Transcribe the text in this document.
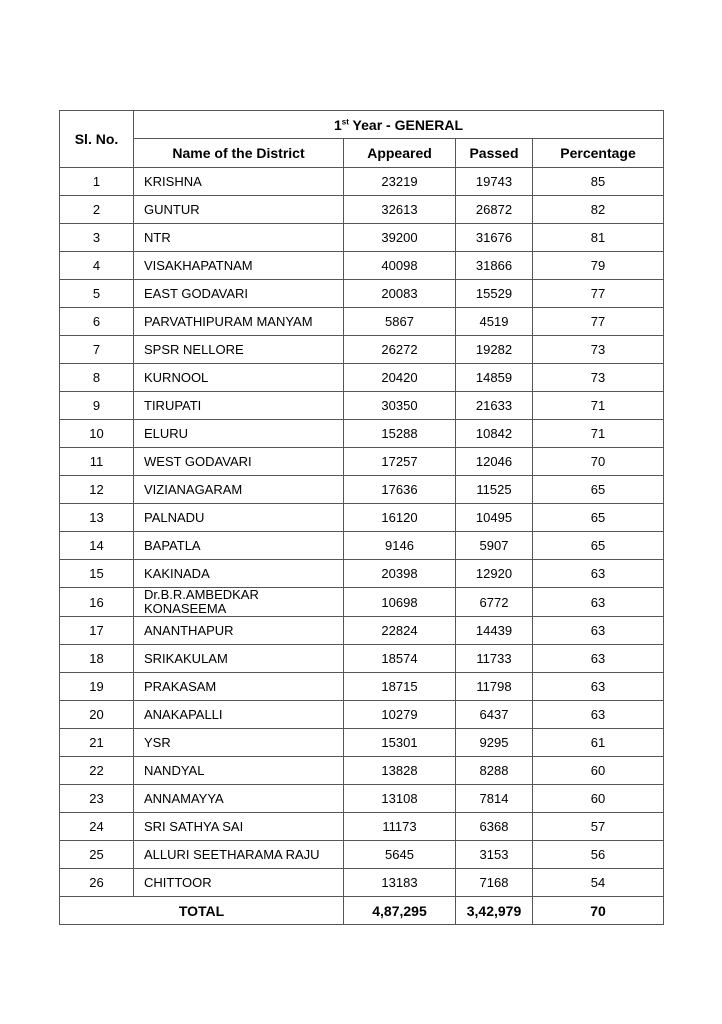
Sl. No.	1st Year - GENERAL			
	Name of the District	Appeared	Passed	Percentage
1	KRISHNA	23219	19743	85
2	GUNTUR	32613	26872	82
3	NTR	39200	31676	81
4	VISAKHAPATNAM	40098	31866	79
5	EAST GODAVARI	20083	15529	77
6	PARVATHIPURAM MANYAM	5867	4519	77
7	SPSR NELLORE	26272	19282	73
8	KURNOOL	20420	14859	73
9	TIRUPATI	30350	21633	71
10	ELURU	15288	10842	71
11	WEST GODAVARI	17257	12046	70
12	VIZIANAGARAM	17636	11525	65
13	PALNADU	16120	10495	65
14	BAPATLA	9146	5907	65
15	KAKINADA	20398	12920	63
16	Dr.B.R.AMBEDKAR KONASEEMA	10698	6772	63
17	ANANTHAPUR	22824	14439	63
18	SRIKAKULAM	18574	11733	63
19	PRAKASAM	18715	11798	63
20	ANAKAPALLI	10279	6437	63
21	YSR	15301	9295	61
22	NANDYAL	13828	8288	60
23	ANNAMAYYA	13108	7814	60
24	SRI SATHYA SAI	11173	6368	57
25	ALLURI SEETHARAMA RAJU	5645	3153	56
26	CHITTOOR	13183	7168	54
TOTAL		4,87,295	3,42,979	70
